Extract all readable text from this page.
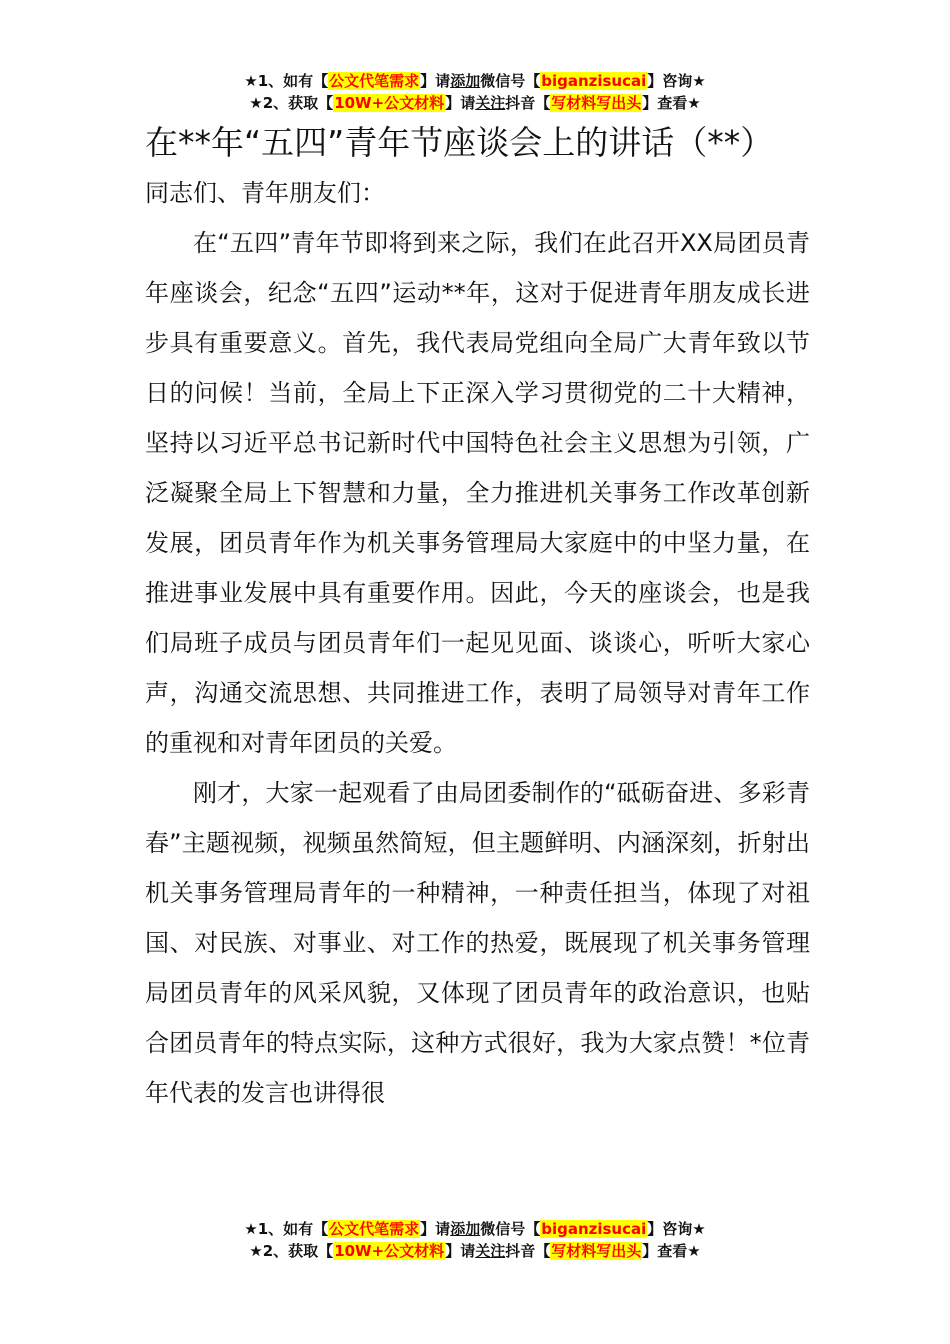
★1、如有【公文代笔需求】请添加微信号【biganzisucai】咨询★
★2、获取【10W+公文材料】请关注抖音【写材料写出头】查看★
在**年“五四”青年节座谈会上的讲话（**）

同志们、青年朋友们：

在“五四”青年节即将到来之际，我们在此召开XX局团员青年座谈会，纪念“五四”运动**年，这对于促进青年朋友成长进步具有重要意义。首先，我代表局党组向全局广大青年致以节日的问候！当前，全局上下正深入学习贯彻党的二十大精神，坚持以习近平总书记新时代中国特色社会主义思想为引领，广泛凝聚全局上下智慧和力量，全力推进机关事务工作改革创新发展，团员青年作为机关事务管理局大家庭中的中坚力量，在推进事业发展中具有重要作用。因此，今天的座谈会，也是我们局班子成员与团员青年们一起见见面、谈谈心，听听大家心声，沟通交流思想、共同推进工作，表明了局领导对青年工作的重视和对青年团员的关爱。

刚才，大家一起观看了由局团委制作的“砥砺奋进、多彩青春”主题视频，视频虽然简短，但主题鲜明、内涵深刻，折射出机关事务管理局青年的一种精神，一种责任担当，体现了对祖国、对民族、对事业、对工作的热爱，既展现了机关事务管理局团员青年的风采风貌，又体现了团员青年的政治意识，也贴合团员青年的特点实际，这种方式很好，我为大家点赞！*位青年代表的发言也讲得很

★1、如有【公文代笔需求】请添加微信号【biganzisucai】咨询★
★2、获取【10W+公文材料】请关注抖音【写材料写出头】查看★
